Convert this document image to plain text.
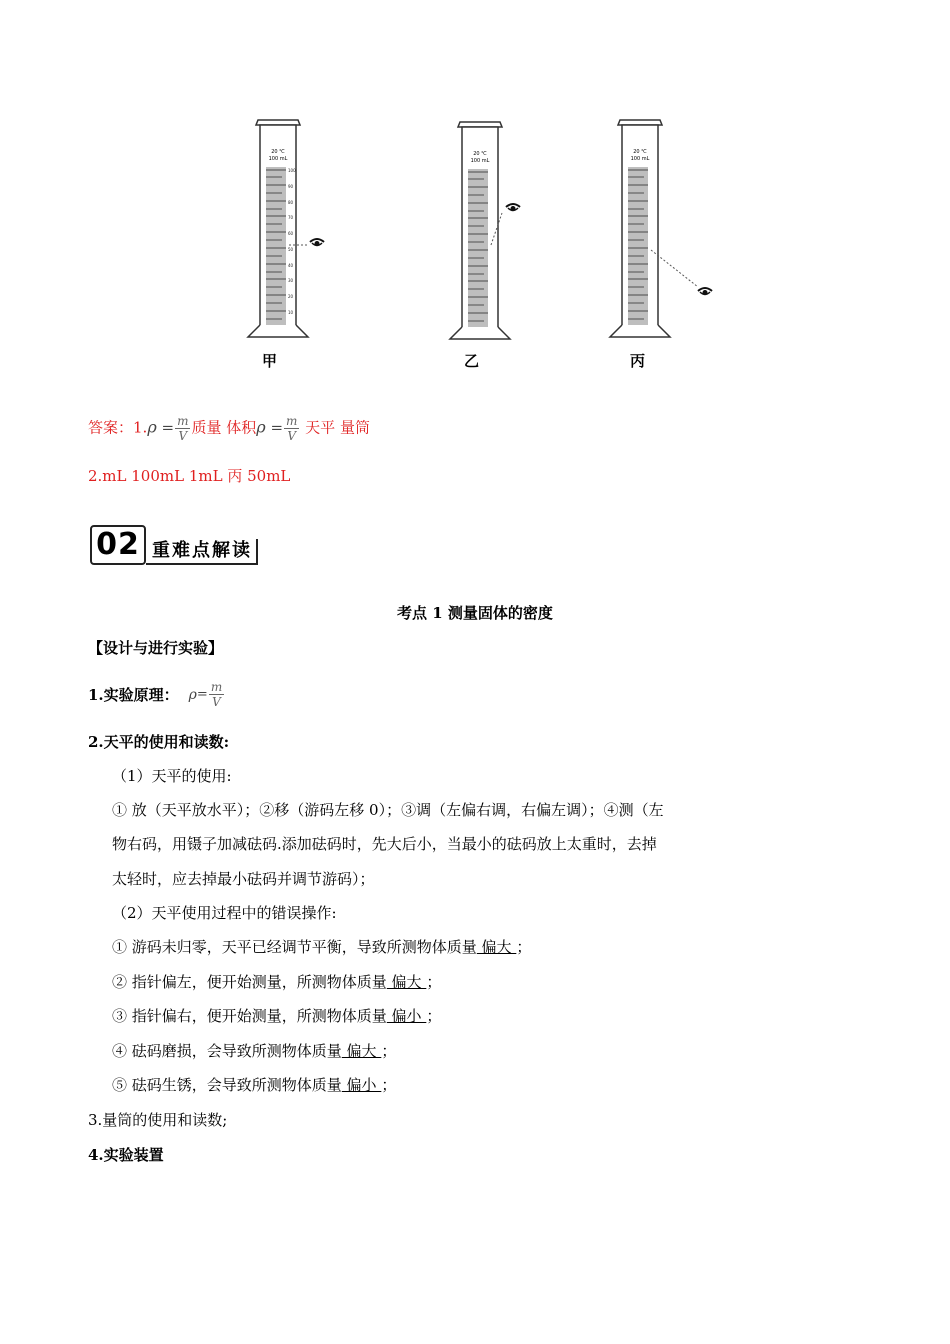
20 ℃
100 mL
20 ℃
100 mL
20 ℃
100 mL
100
90
80
70
60
50
40
30
20
10
甲	乙	丙
答案：$1.\rho = \frac{m}{V}$ 质量 体积$\rho = \frac{m}{V}$ 天平 量筒
2.mL 100mL 1mL 丙 50mL
02 重难点解读
考点 1 测量固体的密度
【设计与进行实验】
1.实验原理： $\rho = \frac{m}{V}$
2.天平的使用和读数:
（1）天平的使用:
① 放（天平放水平）；②移（游码左移 0）；③调（左偏右调，右偏左调）；④测（左
物右码，用镊子加减砝码.添加砝码时，先大后小，当最小的砝码放上太重时，去掉
太轻时，应去掉最小砝码并调节游码）；
（2）天平使用过程中的错误操作:
① 游码未归零，天平已经调节平衡，导致所测物体质量 偏大 ；
② 指针偏左，便开始测量，所测物体质量 偏大 ；
③ 指针偏右，便开始测量，所测物体质量 偏小 ；
④ 砝码磨损，会导致所测物体质量 偏大 ；
⑤ 砝码生锈，会导致所测物体质量 偏小 ；
3.量筒的使用和读数;
4.实验装置
